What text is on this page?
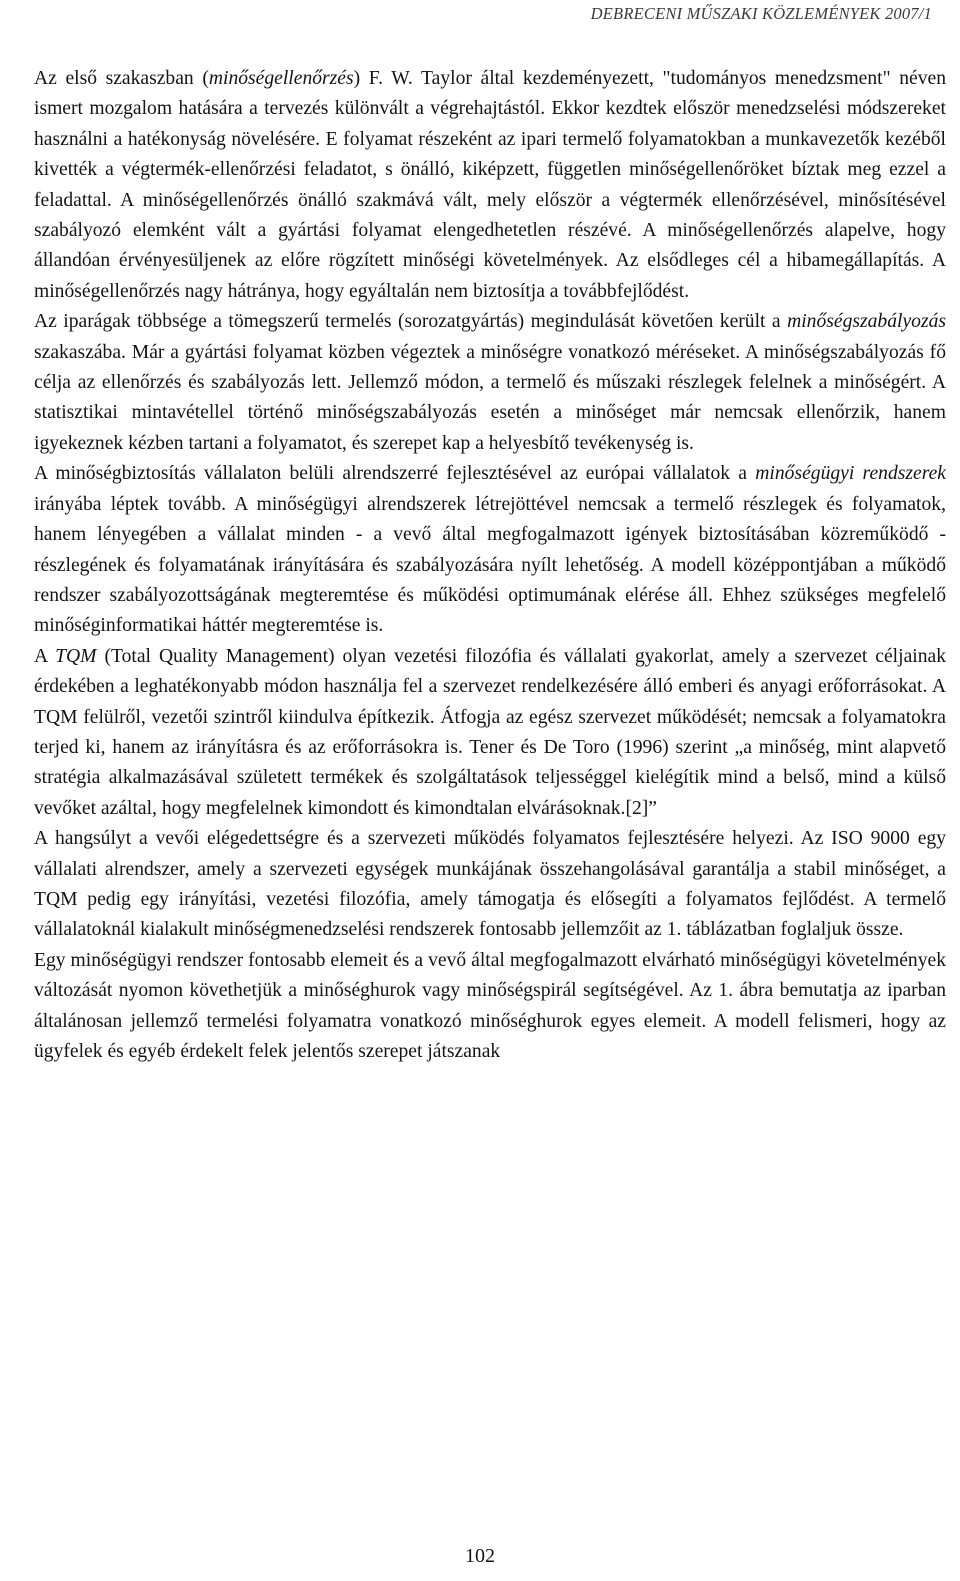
DEBRECENI MŰSZAKI KÖZLEMÉNYEK 2007/1

Az első szakaszban (minőségellenőrzés) F. W. Taylor által kezdeményezett, "tudományos menedzsment" néven ismert mozgalom hatására a tervezés különvált a végrehajtástól. Ekkor kezdtek először menedzselési módszereket használni a hatékonyság növelésére. E folyamat részeként az ipari termelő folyamatokban a munkavezetők kezéből kivették a végtermék-ellenőrzési feladatot, s önálló, kiképzett, független minőségellenőröket bíztak meg ezzel a feladattal. A minőségellenőrzés önálló szakmává vált, mely először a végtermék ellenőrzésével, minősítésével szabályozó elemként vált a gyártási folyamat elengedhetetlen részévé. A minőségellenőrzés alapelve, hogy állandóan érvényesüljenek az előre rögzített minőségi követelmények. Az elsődleges cél a hibamegállapítás. A minőségellenőrzés nagy hátránya, hogy egyáltalán nem biztosítja a továbbfejlődést.

Az iparágak többsége a tömegszerű termelés (sorozatgyártás) megindulását követően került a minőségszabályozás szakaszába. Már a gyártási folyamat közben végeztek a minőségre vonatkozó méréseket. A minőségszabályozás fő célja az ellenőrzés és szabályozás lett. Jellemző módon, a termelő és műszaki részlegek felelnek a minőségért. A statisztikai mintavétellel történő minőségszabályozás esetén a minőséget már nemcsak ellenőrzik, hanem igyekeznek kézben tartani a folyamatot, és szerepet kap a helyesbítő tevékenység is.

A minőségbiztosítás vállalaton belüli alrendszerré fejlesztésével az európai vállalatok a minőségügyi rendszerek irányába léptek tovább. A minőségügyi alrendszerek létrejöttével nemcsak a termelő részlegek és folyamatok, hanem lényegében a vállalat minden - a vevő által megfogalmazott igények biztosításában közreműködő - részlegének és folyamatának irányítására és szabályozására nyílt lehetőség. A modell középpontjában a működő rendszer szabályozottságának megteremtése és működési optimumának elérése áll. Ehhez szükséges megfelelő minőséginformatikai háttér megteremtése is.

A TQM (Total Quality Management) olyan vezetési filozófia és vállalati gyakorlat, amely a szervezet céljainak érdekében a leghatékonyabb módon használja fel a szervezet rendelkezésére álló emberi és anyagi erőforrásokat. A TQM felülről, vezetői szintről kiindulva építkezik. Átfogja az egész szervezet működését; nemcsak a folyamatokra terjed ki, hanem az irányításra és az erőforrásokra is. Tener és De Toro (1996) szerint „a minőség, mint alapvető stratégia alkalmazásával született termékek és szolgáltatások teljességgel kielégítik mind a belső, mind a külső vevőket azáltal, hogy megfelelnek kimondott és kimondtalan elvárásoknak.[2]”

A hangsúlyt a vevői elégedettségre és a szervezeti működés folyamatos fejlesztésére helyezi. Az ISO 9000 egy vállalati alrendszer, amely a szervezeti egységek munkájának összehangolásával garantálja a stabil minőséget, a TQM pedig egy irányítási, vezetési filozófia, amely támogatja és elősegíti a folyamatos fejlődést. A termelő vállalatoknál kialakult minőségmenedzselési rendszerek fontosabb jellemzőit az 1. táblázatban foglaljuk össze.

Egy minőségügyi rendszer fontosabb elemeit és a vevő által megfogalmazott elvárható minőségügyi követelmények változását nyomon követhetjük a minőséghurok vagy minőségspirál segítségével. Az 1. ábra bemutatja az iparban általánosan jellemző termelési folyamatra vonatkozó minőséghurok egyes elemeit. A modell felismeri, hogy az ügyfelek és egyéb érdekelt felek jelentős szerepet játszanak

102
